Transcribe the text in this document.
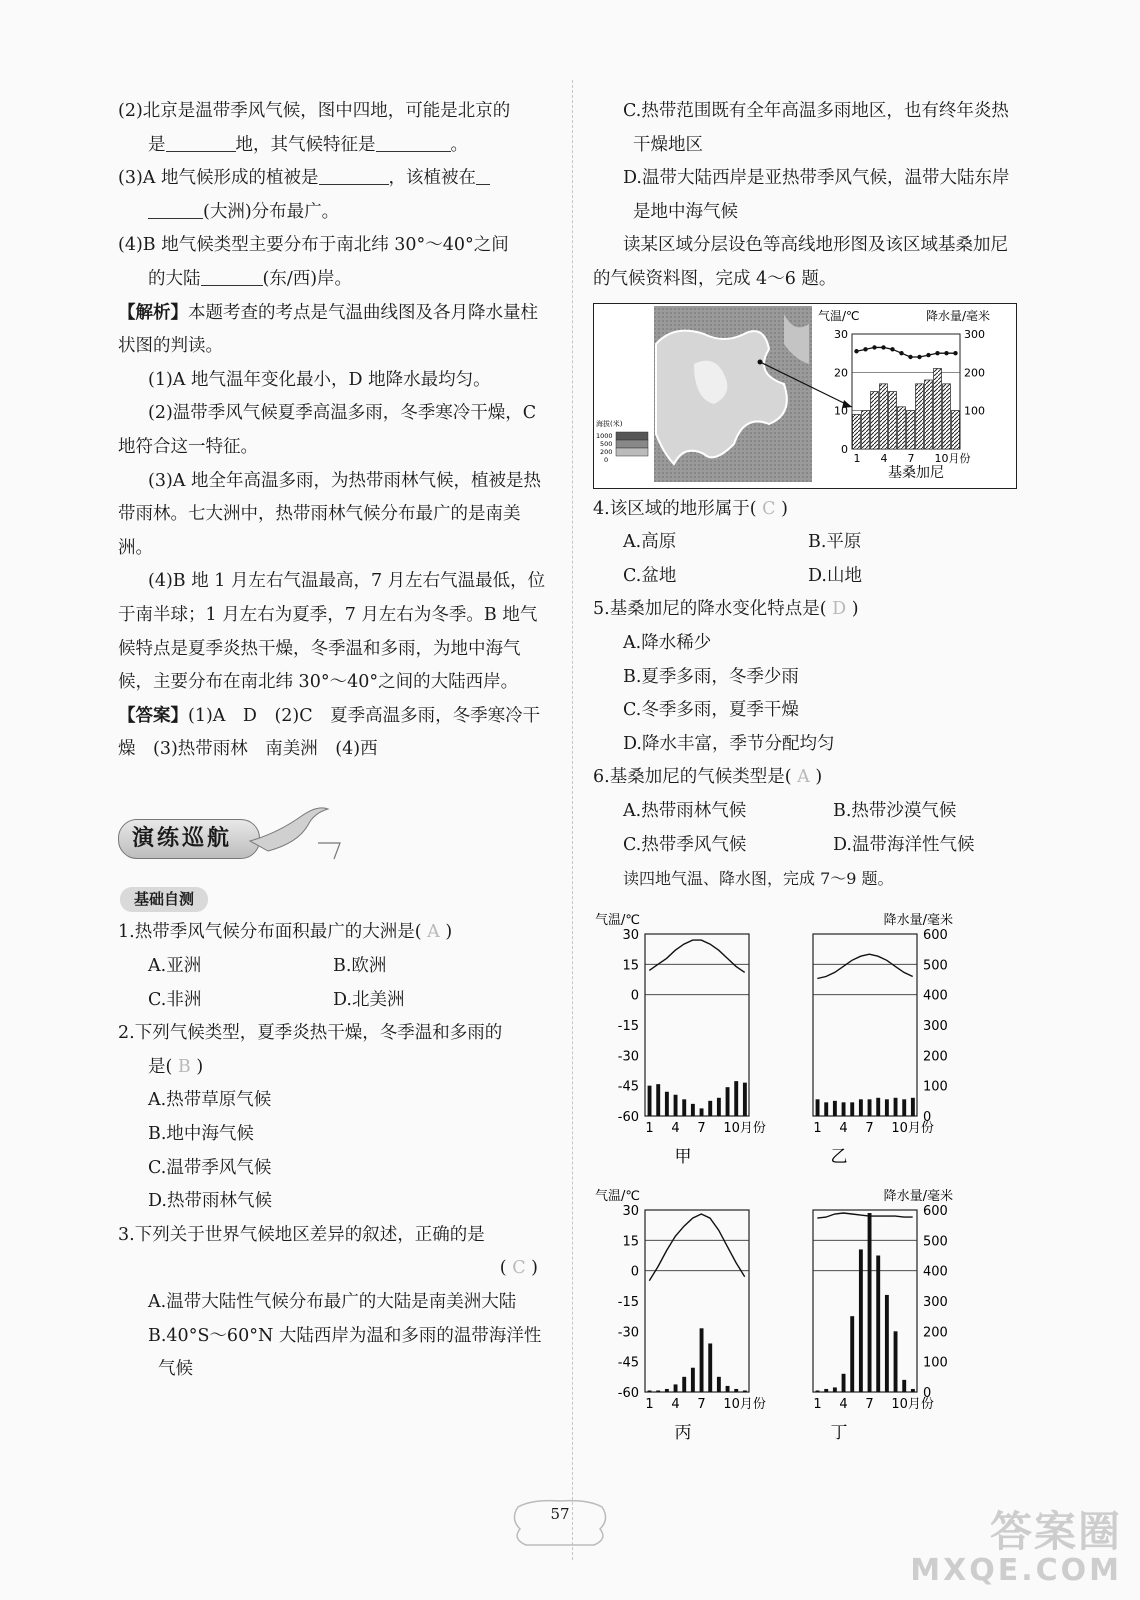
(2)北京是温带季风气候，图中四地，可能是北京的

是	地，其气候特征是	。

(3)A 地气候形成的植被是	，该植被在

(大洲)分布最广。

(4)B 地气候类型主要分布于南北纬 30°～40°之间

的大陆	(东/西)岸。

【解析】本题考查的考点是气温曲线图及各月降水量柱状图的判读。

(1)A 地气温年变化最小，D 地降水最均匀。

(2)温带季风气候夏季高温多雨，冬季寒冷干燥，C 地符合这一特征。

(3)A 地全年高温多雨，为热带雨林气候，植被是热带雨林。七大洲中，热带雨林气候分布最广的是南美洲。

(4)B 地 1 月左右气温最高，7 月左右气温最低，位于南半球；1 月左右为夏季，7 月左右为冬季。B 地气候特点是夏季炎热干燥，冬季温和多雨，为地中海气候，主要分布在南北纬 30°～40°之间的大陆西岸。

【答案】(1)A　D　(2)C　夏季高温多雨，冬季寒冷干燥　(3)热带雨林　南美洲　(4)西

演练巡航
基础自测

1.热带季风气候分布面积最广的大洲是( A )

A.亚洲	B.欧洲
C.非洲	D.北美洲

2.下列气候类型，夏季炎热干燥，冬季温和多雨的

是( B )

A.热带草原气候

B.地中海气候

C.温带季风气候

D.热带雨林气候

3.下列关于世界气候地区差异的叙述，正确的是

( C )

A.温带大陆性气候分布最广的大陆是南美洲大陆

B.40°S～60°N 大陆西岸为温和多雨的温带海洋性气候

C.热带范围既有全年高温多雨地区，也有终年炎热干燥地区

D.温带大陆西岸是亚热带季风气候，温带大陆东岸是地中海气候

读某区域分层设色等高线地形图及该区域基桑加尼的气候资料图，完成 4～6 题。

海拔(米)
1000
500
200
0
气温/℃	降水量/毫米
30
20
10
0
300
200
100
1 4 7 10月份
基桑加尼

4.该区域的地形属于( C )

A.高原	B.平原
C.盆地	D.山地

5.基桑加尼的降水变化特点是( D )

A.降水稀少

B.夏季多雨，冬季少雨

C.冬季多雨，夏季干燥

D.降水丰富，季节分配均匀

6.基桑加尼的气候类型是( A )

A.热带雨林气候	B.热带沙漠气候
C.热带季风气候	D.温带海洋性气候

读四地气温、降水图，完成 7～9 题。

气温/℃
30
15
0
-15
-30
-45
-60
1 4 7 10月份
甲
降水量/毫米
600
500
400
300
200
100
0
1 4 7 10月份
乙
气温/℃
30
15
0
-15
-30
-45
-60
1 4 7 10月份
丙
降水量/毫米
600
500
400
300
200
100
0
1 4 7 10月份
丁
57	答案圈
MXQE.COM
